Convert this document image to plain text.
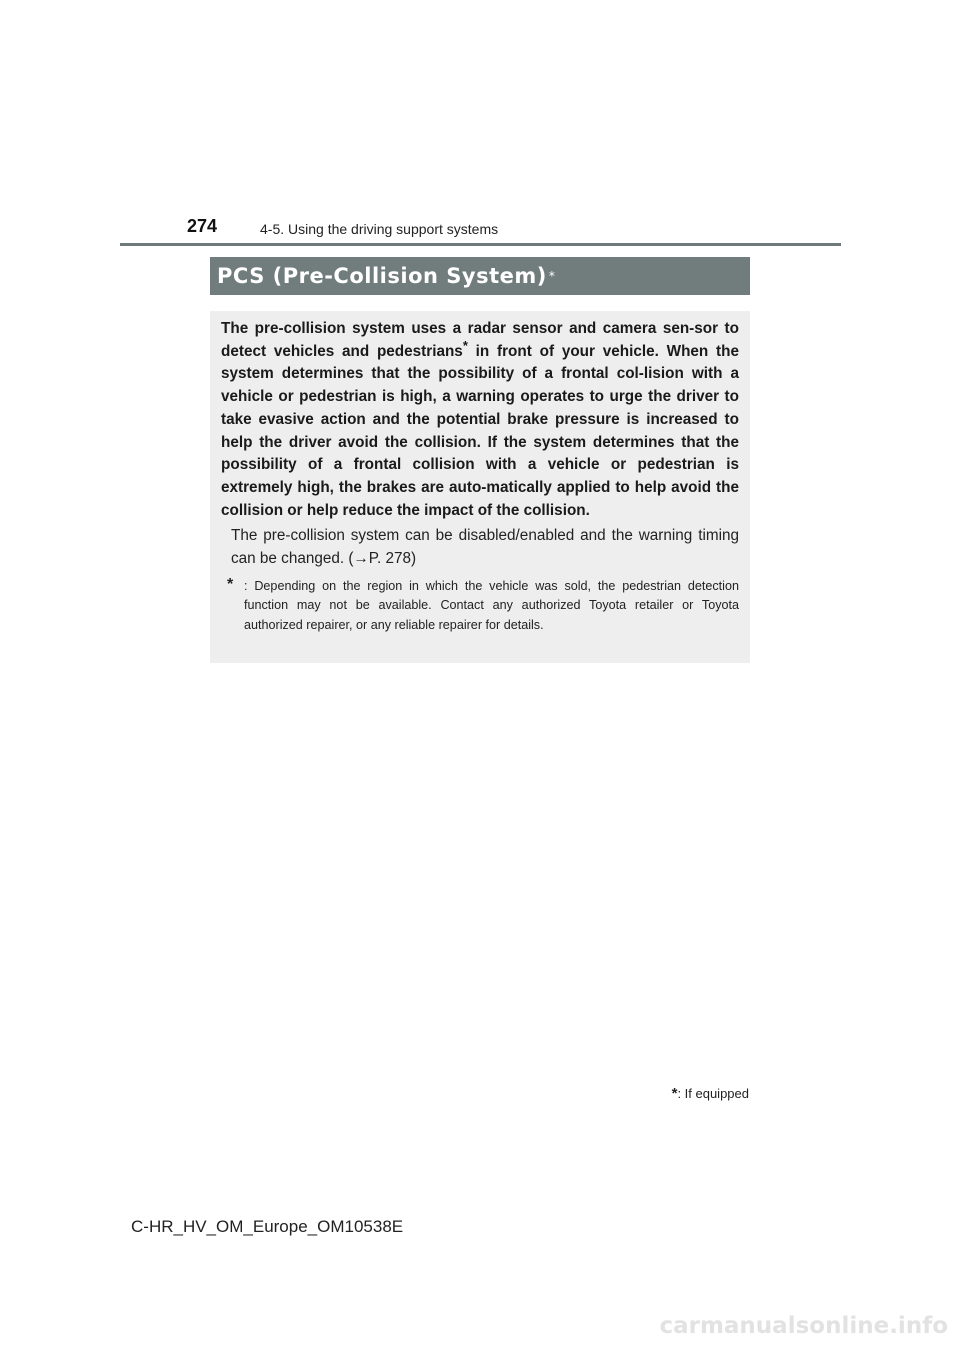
274	4-5. Using the driving support systems
PCS (Pre-Collision System) *

The pre-collision system uses a radar sensor and camera sen-sor to detect vehicles and pedestrians* in front of your vehicle. When the system determines that the possibility of a frontal col-lision with a vehicle or pedestrian is high, a warning operates to urge the driver to take evasive action and the potential brake pressure is increased to help the driver avoid the collision. If the system determines that the possibility of a frontal collision with a vehicle or pedestrian is extremely high, the brakes are auto-matically applied to help avoid the collision or help reduce the impact of the collision.

The pre-collision system can be disabled/enabled and the warning timing can be changed. (→P. 278)
* : Depending on the region in which the vehicle was sold, the pedestrian detection function may not be available. Contact any authorized Toyota retailer or Toyota authorized repairer, or any reliable repairer for details.
*: If equipped
C-HR_HV_OM_Europe_OM10538E
carmanualsonline.info
